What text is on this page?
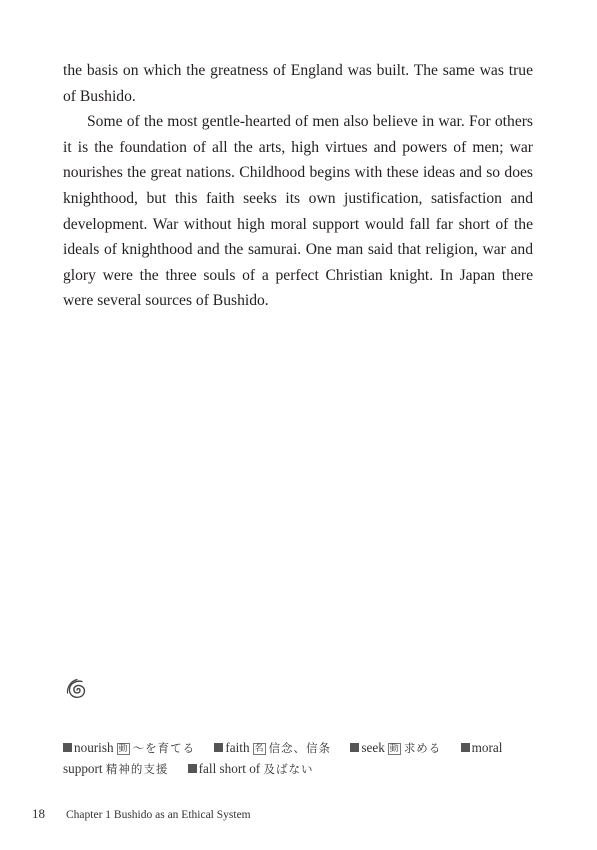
the basis on which the greatness of England was built. The same was true of Bushido.

Some of the most gentle-hearted of men also believe in war. For others it is the foundation of all the arts, high virtues and powers of men; war nourishes the great nations. Childhood begins with these ideas and so does knighthood, but this faith seeks its own justification, satisfaction and development. War without high moral support would fall far short of the ideals of knighthood and the samurai. One man said that religion, war and glory were the three souls of a perfect Christian knight. In Japan there were several sources of Bushido.

nourish 動 〜を育てる faith 名 信念、信条 seek 動 求める moral support 精神的支援 fall short of 及ばない
18 Chapter 1 Bushido as an Ethical System
